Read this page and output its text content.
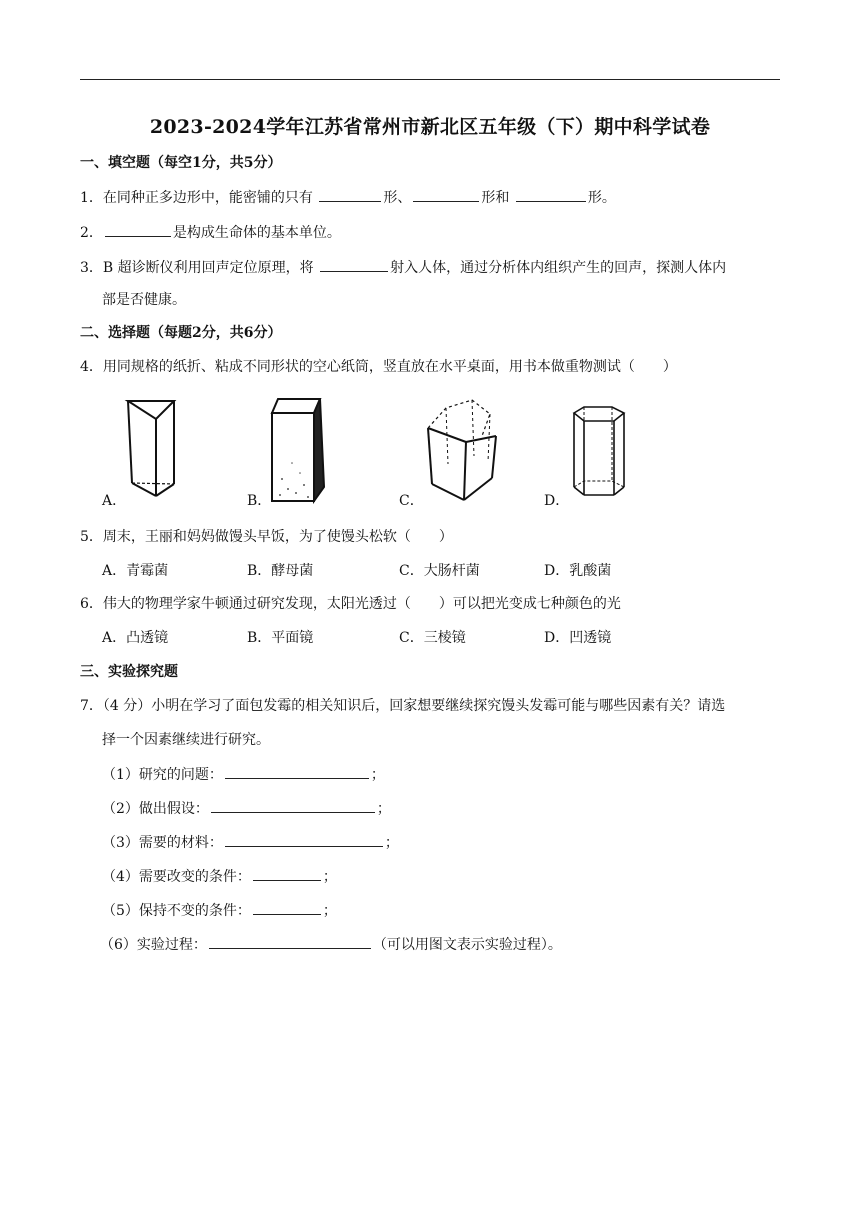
2023-2024学年江苏省常州市新北区五年级（下）期中科学试卷
一、填空题（每空1分，共5分）
1．在同种正多边形中，能密铺的只有	形、	形和	形。
2．	是构成生命体的基本单位。
3．B 超诊断仪利用回声定位原理，将	射入人体，通过分析体内组织产生的回声，探测人体内
部是否健康。
二、选择题（每题2分，共6分）
4．用同规格的纸折、粘成不同形状的空心纸筒，竖直放在水平桌面，用书本做重物测试（　　）
A．	B．	C．	D．
5．周末，王丽和妈妈做馒头早饭，为了使馒头松软（　　）
A．青霉菌	B．酵母菌	C．大肠杆菌	D．乳酸菌
6．伟大的物理学家牛顿通过研究发现，太阳光透过（　　）可以把光变成七种颜色的光
A．凸透镜	B．平面镜	C．三棱镜	D．凹透镜
三、实验探究题
7．（4 分）小明在学习了面包发霉的相关知识后，回家想要继续探究馒头发霉可能与哪些因素有关？请选
择一个因素继续进行研究。
（1）研究的问题：	；
（2）做出假设：	；
（3）需要的材料：	；
（4）需要改变的条件：	；
（5）保持不变的条件：	；
（6）实验过程：	（可以用图文表示实验过程）。
